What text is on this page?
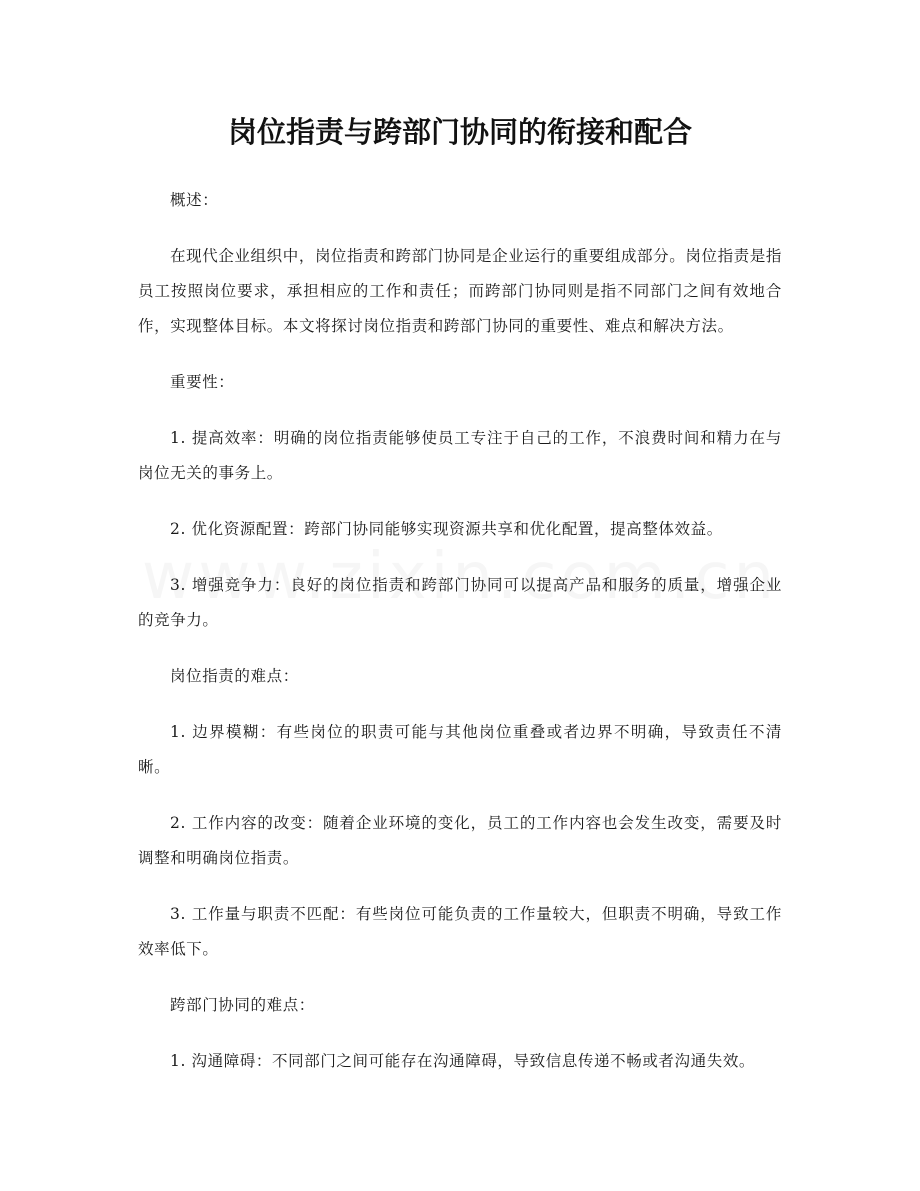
岗位指责与跨部门协同的衔接和配合

概述：

在现代企业组织中，岗位指责和跨部门协同是企业运行的重要组成部分。岗位指责是指员工按照岗位要求，承担相应的工作和责任；而跨部门协同则是指不同部门之间有效地合作，实现整体目标。本文将探讨岗位指责和跨部门协同的重要性、难点和解决方法。

重要性：

1. 提高效率：明确的岗位指责能够使员工专注于自己的工作，不浪费时间和精力在与岗位无关的事务上。

2. 优化资源配置：跨部门协同能够实现资源共享和优化配置，提高整体效益。

3. 增强竞争力：良好的岗位指责和跨部门协同可以提高产品和服务的质量，增强企业的竞争力。

岗位指责的难点：

1. 边界模糊：有些岗位的职责可能与其他岗位重叠或者边界不明确，导致责任不清晰。

2. 工作内容的改变：随着企业环境的变化，员工的工作内容也会发生改变，需要及时调整和明确岗位指责。

3. 工作量与职责不匹配：有些岗位可能负责的工作量较大，但职责不明确，导致工作效率低下。

跨部门协同的难点：

1. 沟通障碍：不同部门之间可能存在沟通障碍，导致信息传递不畅或者沟通失效。
